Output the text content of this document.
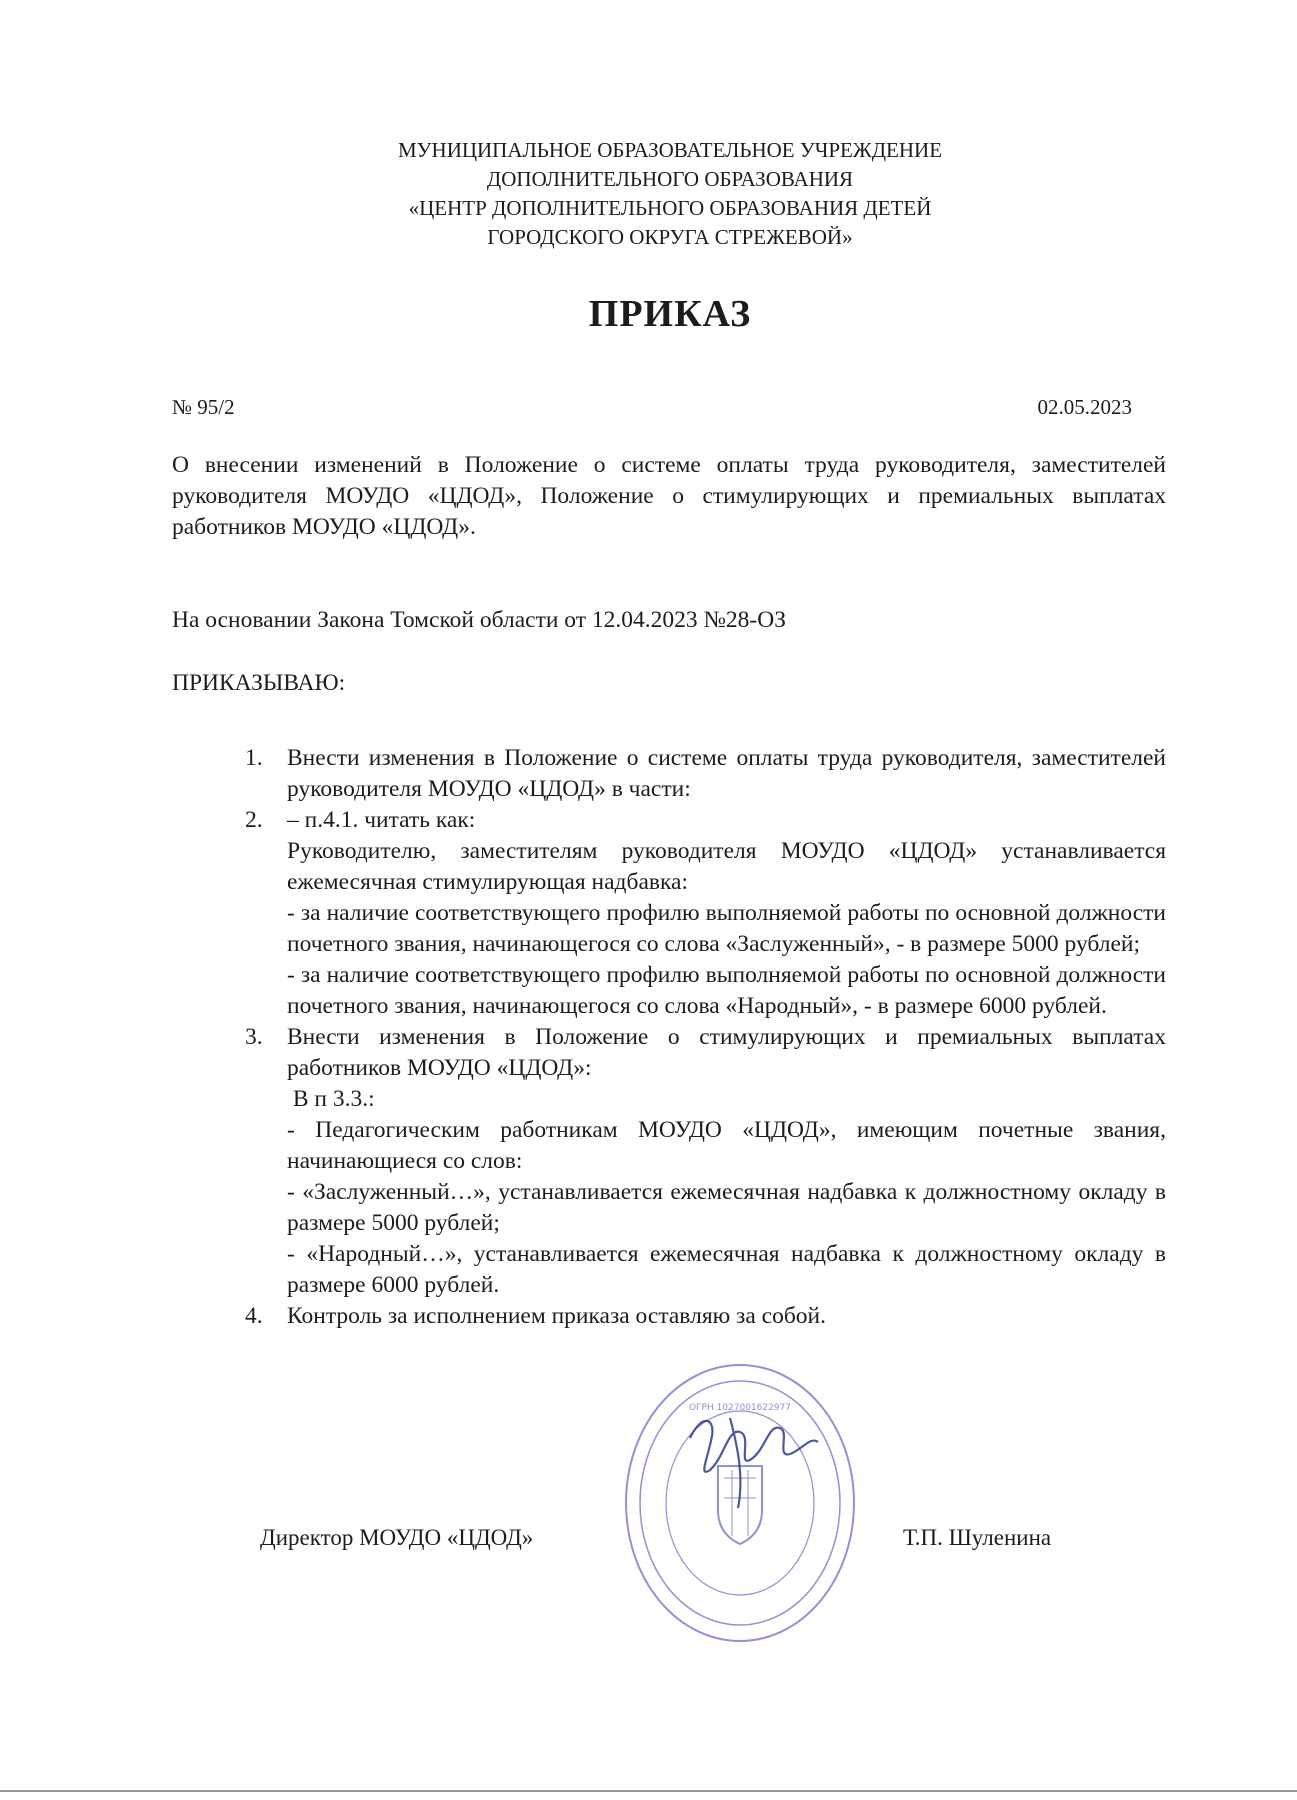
МУНИЦИПАЛЬНОЕ ОБРАЗОВАТЕЛЬНОЕ УЧРЕЖДЕНИЕ
ДОПОЛНИТЕЛЬНОГО ОБРАЗОВАНИЯ
«ЦЕНТР ДОПОЛНИТЕЛЬНОГО ОБРАЗОВАНИЯ ДЕТЕЙ
ГОРОДСКОГО ОКРУГА СТРЕЖЕВОЙ»
ПРИКАЗ
№ 95/2	02.05.2023
О внесении изменений в Положение о системе оплаты труда руководителя, заместителей руководителя МОУДО «ЦДОД», Положение о стимулирующих и премиальных выплатах работников МОУДО «ЦДОД».
На основании Закона Томской области от 12.04.2023 №28-ОЗ
ПРИКАЗЫВАЮ:
1. Внести изменения в Положение о системе оплаты труда руководителя, заместителей руководителя МОУДО «ЦДОД» в части:
2. – п.4.1. читать как:
Руководителю, заместителям руководителя МОУДО «ЦДОД» устанавливается ежемесячная стимулирующая надбавка:
- за наличие соответствующего профилю выполняемой работы по основной должности почетного звания, начинающегося со слова «Заслуженный», - в размере 5000 рублей;
- за наличие соответствующего профилю выполняемой работы по основной должности почетного звания, начинающегося со слова «Народный», - в размере 6000 рублей.
3. Внести изменения в Положение о стимулирующих и премиальных выплатах работников МОУДО «ЦДОД»:
В п 3.3.:
- Педагогическим работникам МОУДО «ЦДОД», имеющим почетные звания, начинающиеся со слов:
- «Заслуженный…», устанавливается ежемесячная надбавка к должностному окладу в размере 5000 рублей;
- «Народный…», устанавливается ежемесячная надбавка к должностному окладу в размере 6000 рублей.
4. Контроль за исполнением приказа оставляю за собой.
Директор МОУДО «ЦДОД»	Т.П. Шуленина
ОГРН 1027001622977
